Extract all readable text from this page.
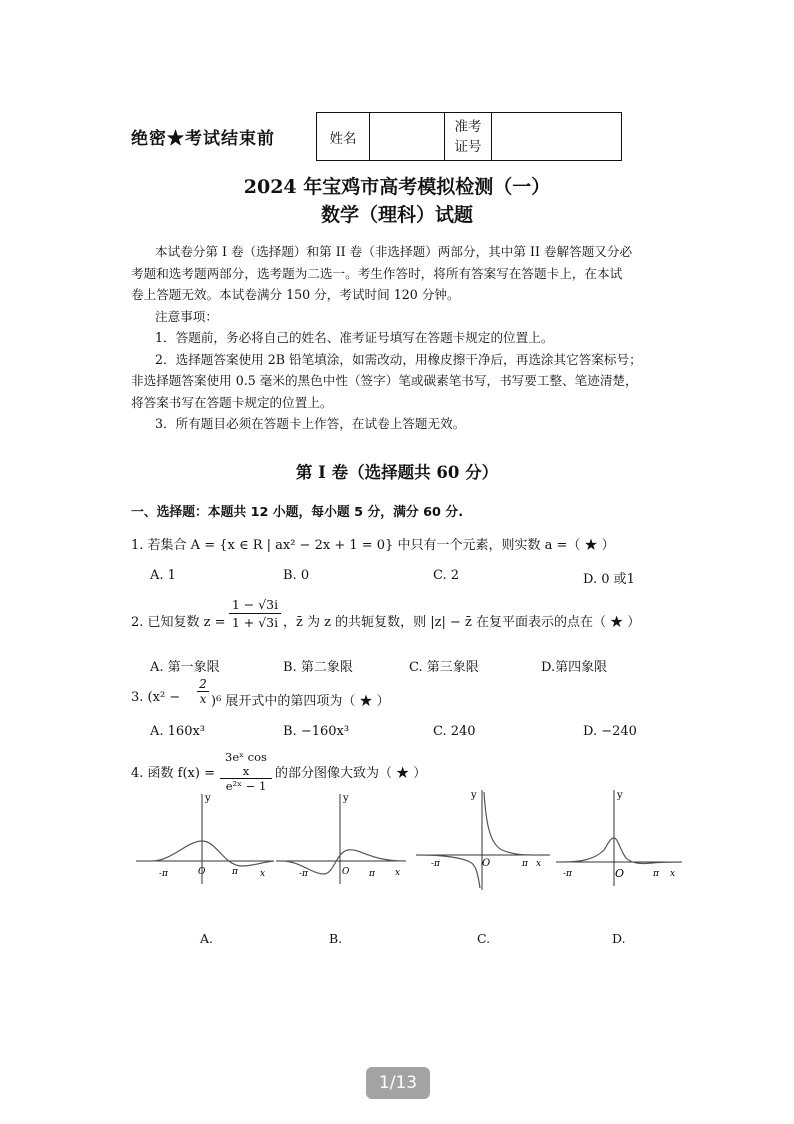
绝密★考试结束前	姓名		
准考
证号

2024 年宝鸡市高考模拟检测（一）
数学（理科）试题
本试卷分第 I 卷（选择题）和第 II 卷（非选择题）两部分，其中第 II 卷解答题又分必
考题和选考题两部分，选考题为二选一。考生作答时，将所有答案写在答题卡上，在本试
卷上答题无效。本试卷满分 150 分，考试时间 120 分钟。
注意事项：
1．答题前，务必将自己的姓名、准考证号填写在答题卡规定的位置上。
2．选择题答案使用 2B 铅笔填涂，如需改动，用橡皮擦干净后，再选涂其它答案标号；
非选择题答案使用 0.5 毫米的黑色中性（签字）笔或碳素笔书写，书写要工整、笔迹清楚，
将答案书写在答题卡规定的位置上。
3．所有题目必须在答题卡上作答，在试卷上答题无效。
第 I 卷（选择题共 60 分）
一、选择题：本题共 12 小题，每小题 5 分，满分 60 分.
1. 若集合 A = {x ∈ R | ax² − 2x + 1 = 0} 中只有一个元素，则实数 a =（ ★ ）
A. 1	B. 0	C. 2	D. 0 或1
2. 已知复数 $z = \frac{1 - √3i}{1 + √3i}$ ，z̄ 为 z 的共轭复数，则 |z| − z̄ 在复平面表示的点在（ ★ ）
A. 第一象限	B. 第二象限	C. 第三象限	D.第四象限
3. $(x^2 - \frac{2}{x} )^6$ 展开式中的第四项为（ ★ ）
A. 160x³	B. −160x³	C. 240	D. −240
4. 函数 $f(x) = \frac{\text{3eˣ cos x}}{\text{e²ˣ − 1}}$ 的部分图像大致为（ ★ ）
y
-π	O	π x
y
-π	O π x
y
-π	O	π x
y
-π	O	π x
A.	B.	C.	D.
1/13
